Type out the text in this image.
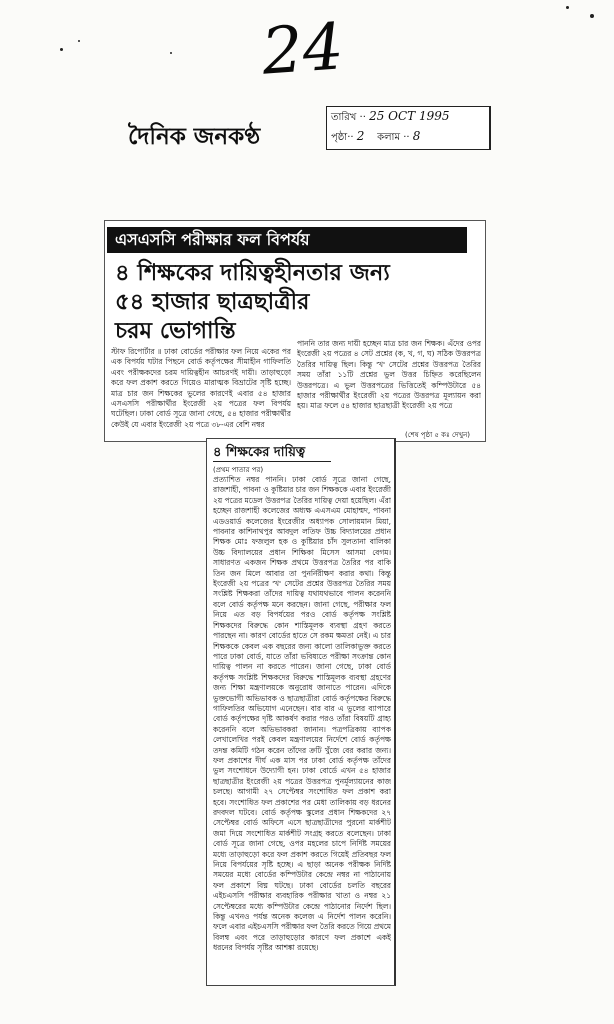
24
দৈনিক জনকণ্ঠ
তারিখ ·· 25 OCT 1995
পৃষ্ঠা·· 2 কলাম ·· 8
এসএসসি পরীক্ষার ফল বিপর্যয়
৪ শিক্ষকের দায়িত্বহীনতার জন্য
৫৪ হাজার ছাত্রছাত্রীর
চরম ভোগান্তি
স্টাফ রিপোর্টার ॥ ঢাকা বোর্ডের পরীক্ষার ফল নিয়ে একের পর এক বিপর্যয় ঘটার পিছনে বোর্ড কর্তৃপক্ষের সীমাহীন গাফিলতি এবং পরীক্ষকদের চরম দায়িত্বহীন আচরণই দায়ী। তাড়াহুড়ো করে ফল প্রকাশ করতে গিয়েও মারাত্মক বিভ্রাটের সৃষ্টি হচ্ছে। মাত্র চার জন শিক্ষকের ভুলের কারণেই এবার ৫৪ হাজার এসএসসি পরীক্ষার্থীর ইংরেজী ২য় পত্রের ফল বিপর্যয় ঘটেছিল। ঢাকা বোর্ড সূত্রে জানা গেছে, ৫৪ হাজার পরীক্ষার্থীর কেউই যে এবার ইংরেজী ২য় পত্রে ৩৮-এর বেশি নম্বর
পাননি তার জন্য দায়ী হচ্ছেন মাত্র চার জন শিক্ষক। এঁদের ওপর ইংরেজী ২য় পত্রের ৪ সেট প্রশ্নের (ক, খ, গ, ঘ) সঠিক উত্তরপত্র তৈরির দায়িত্ব ছিল। কিন্তু 'খ' সেটের প্রশ্নের উত্তরপত্র তৈরির সময় তাঁরা ১১টি প্রশ্নের ভুল উত্তর চিহ্নিত করেছিলেন উত্তরপত্রে। এ ভুল উত্তরপত্রের ভিত্তিতেই কম্পিউটারে ৫৪ হাজার পরীক্ষার্থীর ইংরেজী ২য় পত্রের উত্তরপত্র মূল্যায়ন করা হয়। মাত্র ফলে ৫৪ হাজার ছাত্রছাত্রী ইংরেজী ২য় পত্রে
(শেষ পৃষ্ঠা ৫ কঃ দেখুন)
৪ শিক্ষকের দায়িত্ব
(প্রথম পাতার পর)
প্রত্যাশিত নম্বর পাননি। ঢাকা বোর্ড সূত্রে জানা গেছে, রাজশাহী, পাবনা ও কুষ্টিয়ার চার জন শিক্ষককে এবার ইংরেজী ২য় পত্রের মডেল উত্তরপত্র তৈরির দায়িত্ব দেয়া হয়েছিল। এঁরা হচ্ছেন রাজশাহী কলেজের অধ্যক্ষ এএসএম মোহাম্মদ, পাবনা এডওয়ার্ড কলেজের ইংরেজীর অধ্যাপক সোলায়মান মিয়া, পাবনার কাশিনাথপুর আবদুল লতিফ উচ্চ বিদ্যালয়ের প্রধান শিক্ষক মোঃ ফজলুল হক ও কুষ্টিয়ার চাঁদ সুলতানা বালিকা উচ্চ বিদ্যালয়ের প্রধান শিক্ষিকা মিসেস আসমা বেগম। সাধারণত একজন শিক্ষক প্রথমে উত্তরপত্র তৈরির পর বাকি তিন জন মিলে আবার তা পুনর্নিরীক্ষণ করার কথা। কিন্তু ইংরেজী ২য় পত্রের 'খ' সেটের প্রশ্নের উত্তরপত্র তৈরির সময় সংশ্লিষ্ট শিক্ষকরা তাঁদের দায়িত্ব যথাযথভাবে পালন করেননি বলে বোর্ড কর্তৃপক্ষ মনে করছেন। জানা গেছে, পরীক্ষার ফল নিয়ে এত বড় বিপর্যয়ের পরও বোর্ড কর্তৃপক্ষ সংশ্লিষ্ট শিক্ষকদের বিরুদ্ধে কোন শাস্তিমূলক ব্যবস্থা গ্রহণ করতে পারছেন না। কারণ বোর্ডের হাতে সে রকম ক্ষমতা নেই। এ চার শিক্ষককে কেবল এক বছরের জন্য কালো তালিকাভুক্ত করতে পারে ঢাকা বোর্ড, যাতে তাঁরা ভবিষ্যতে পরীক্ষা সংক্রান্ত কোন দায়িত্ব পালন না করতে পারেন। জানা গেছে, ঢাকা বোর্ড কর্তৃপক্ষ সংশ্লিষ্ট শিক্ষকদের বিরুদ্ধে শাস্তিমূলক ব্যবস্থা গ্রহণের জন্য শিক্ষা মন্ত্রণালয়কে অনুরোধ জানাতে পারেন। এদিকে ভুক্তভোগী অভিভাবক ও ছাত্রছাত্রীরা বোর্ড কর্তৃপক্ষের বিরুদ্ধে গাফিলতির অভিযোগ এনেছেন। বার বার এ ভুলের ব্যাপারে বোর্ড কর্তৃপক্ষের দৃষ্টি আকর্ষণ করার পরও তাঁরা বিষয়টি গ্রাহ্য করেননি বলে অভিভাবকরা জানান। পত্রপত্রিকায় ব্যাপক লেখালেখির পরই কেবল মন্ত্রণালয়ের নির্দেশে বোর্ড কর্তৃপক্ষ তদন্ত কমিটি গঠন করেন তাঁদের ক্রটি খুঁজে বের করার জন্য। ফল প্রকাশের দীর্ঘ এক মাস পর ঢাকা বোর্ড কর্তৃপক্ষ তাঁদের ভুল সংশোধনে উদ্যোগী হন। ঢাকা বোর্ডে এখন ৫৪ হাজার ছাত্রছাত্রীর ইংরেজী ২য় পত্রের উত্তরপত্র পুনর্মূল্যায়নের কাজ চলছে। আগামী ২৭ সেপ্টেম্বর সংশোধিত ফল প্রকাশ করা হবে। সংশোধিত ফল প্রকাশের পর মেধা তালিকায় বড় ধরনের রদবদল ঘটবে। বোর্ড কর্তৃপক্ষ স্কুলের প্রধান শিক্ষকদের ২৭ সেপ্টেম্বর বোর্ড অফিসে এসে ছাত্রছাত্রীদের পুরনো মার্কশীট জমা দিয়ে সংশোধিত মার্কশীট সংগ্রহ করতে বলেছেন। ঢাকা বোর্ড সূত্রে জানা গেছে, ওপর মহলের চাপে নির্দিষ্ট সময়ের মধ্যে তাড়াহুড়ো করে ফল প্রকাশ করতে গিয়েই প্রতিবছর ফল নিয়ে বিপর্যয়ের সৃষ্টি হচ্ছে। এ ছাড়া অনেক পরীক্ষক নির্দিষ্ট সময়ের মধ্যে বোর্ডের কম্পিউটার কেন্দ্রে নম্বর না পাঠানোয় ফল প্রকাশে বিঘ্ন ঘটছে। ঢাকা বোর্ডের চলতি বছরের এইচএসসি পরীক্ষার ব্যবহারিক পরীক্ষার খাতা ও নম্বর ২১ সেপ্টেম্বরের মধ্যে কম্পিউটার কেন্দ্রে পাঠানোর নির্দেশ ছিল। কিন্তু এখনও পর্যন্ত অনেক কলেজ এ নির্দেশ পালন করেনি। ফলে এবার এইচএসসি পরীক্ষার ফল তৈরি করতে গিয়ে প্রথমে বিলম্ব এবং পরে তাড়াহুড়োর কারণে ফল প্রকাশে একই ধরনের বিপর্যয় সৃষ্টির আশঙ্কা রয়েছে।
